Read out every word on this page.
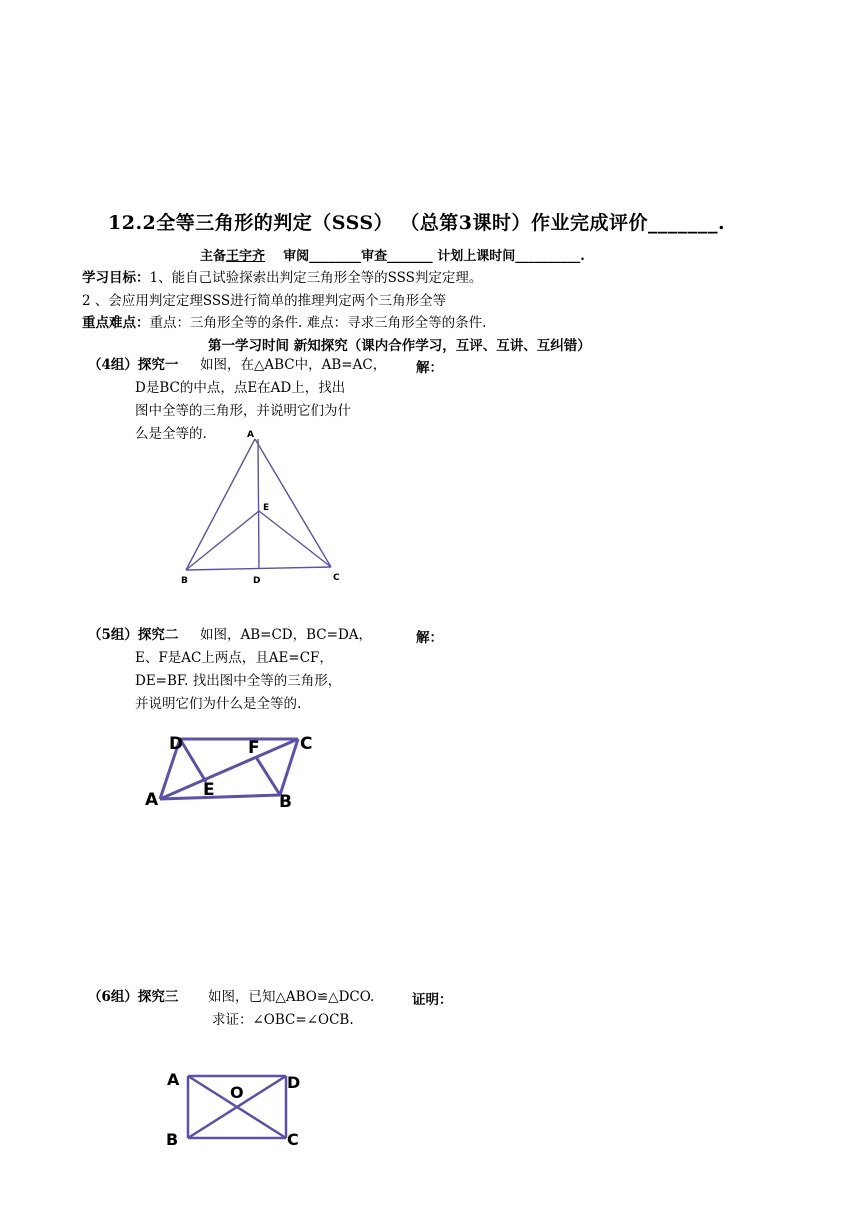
12.2全等三角形的判定（SSS） （总第3课时）作业完成评价_______.
主备王宇齐 审阅________审查_______ 计划上课时间__________.
学习目标：1、能自己试验探索出判定三角形全等的SSS判定定理。
2 、会应用判定定理SSS进行简单的推理判定两个三角形全等
重点难点：重点：三角形全等的条件. 难点：寻求三角形全等的条件.
第一学习时间 新知探究（课内合作学习，互评、互讲、互纠错）
（4组）探究一 如图，在△ABC中，AB=AC，
D是BC的中点，点E在AD上，找出
图中全等的三角形，并说明它们为什
么是全等的.
解：
A
E
B	D	C
（5组）探究二 如图，AB=CD，BC=DA，
E、F是AC上两点，且AE=CF，
DE=BF. 找出图中全等的三角形，
并说明它们为什么是全等的.
解：
D	F C
A	E
B
（6组）探究三 如图，已知△ABO≌△DCO.
求证：∠OBC=∠OCB.
证明：
A
O
D
B	C
